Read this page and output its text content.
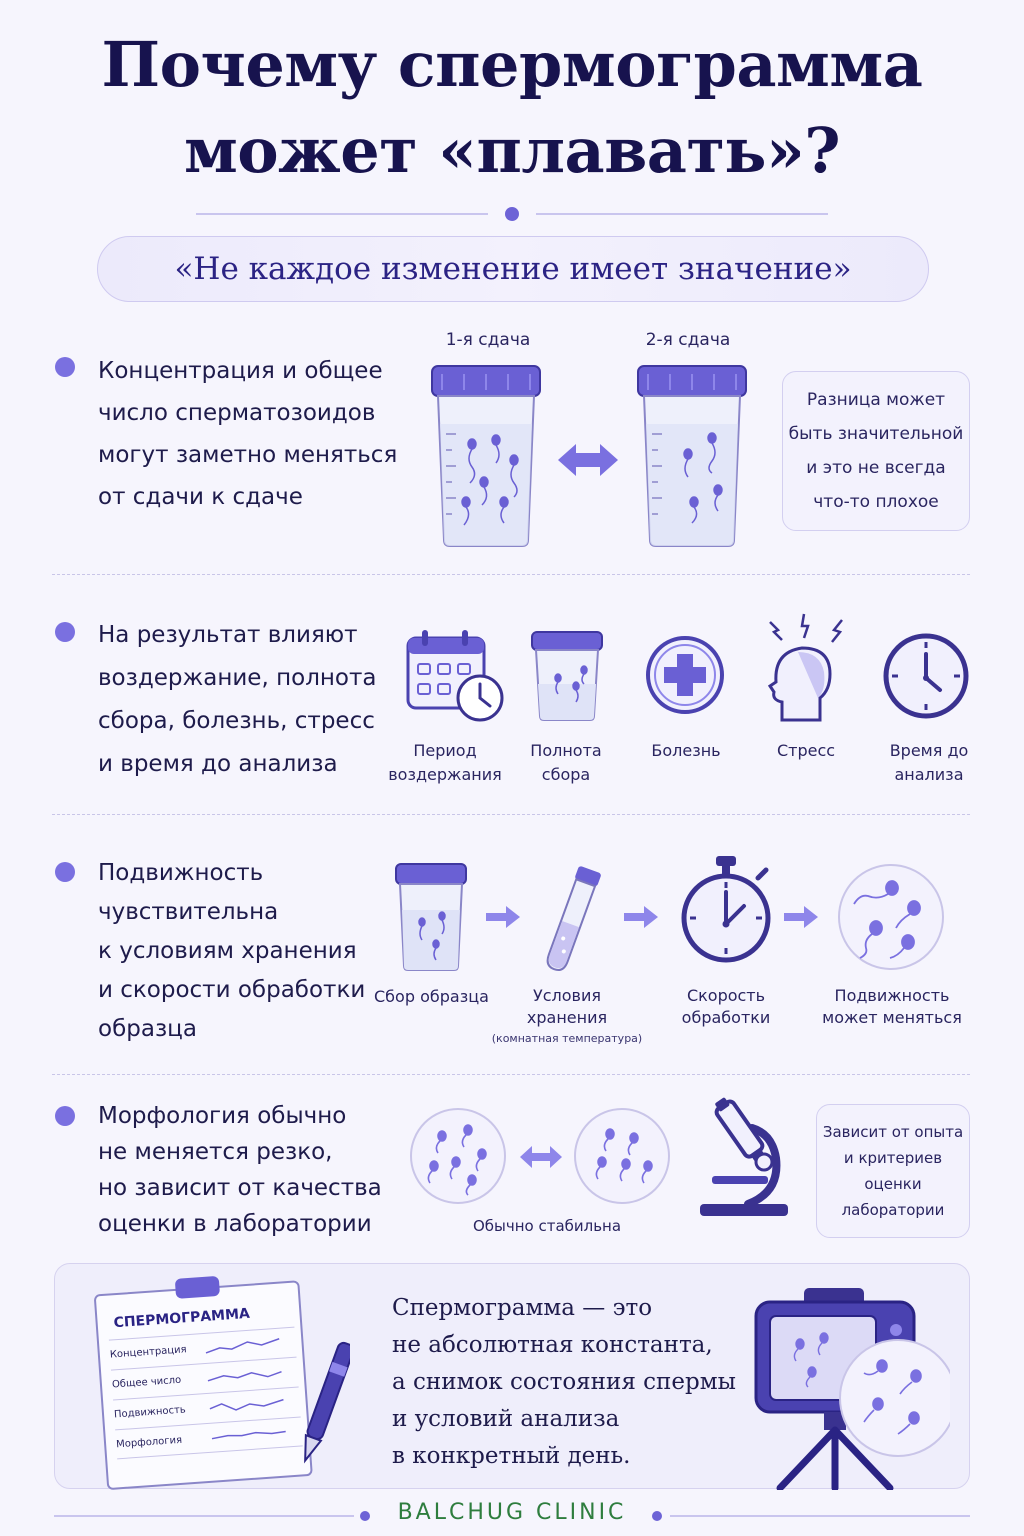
Почему спермограмма
может «плавать»?
«Не каждое изменение имеет значение»
Концентрация и общее
число сперматозоидов
могут заметно меняться
от сдачи к сдаче
1-я сдача	2-я сдача
Разница может
быть значительной
и это не всегда
что-то плохое
На результат влияют
воздержание, полнота
сбора, болезнь, стресс
и время до анализа
Период
воздержания
Полнота
сбора
Болезнь	Стресс	Время до
анализа
Подвижность
чувствительна
к условиям хранения
и скорости обработки
образца
Сбор образца	Условия
хранения
(комнатная температура)
Скорость
обработки
Подвижность
может меняться
Морфология обычно
не меняется резко,
но зависит от качества
оценки в лаборатории	Обычно стабильна
Зависит от опыта
и критериев
оценки
лаборатории
СПЕРМОГРАММА
Концентрация
Общее число
Подвижность
Морфология
Спермограмма — это
не абсолютная константа,
а снимок состояния спермы
и условий анализа
в конкретный день.
BALCHUG CLINIC
